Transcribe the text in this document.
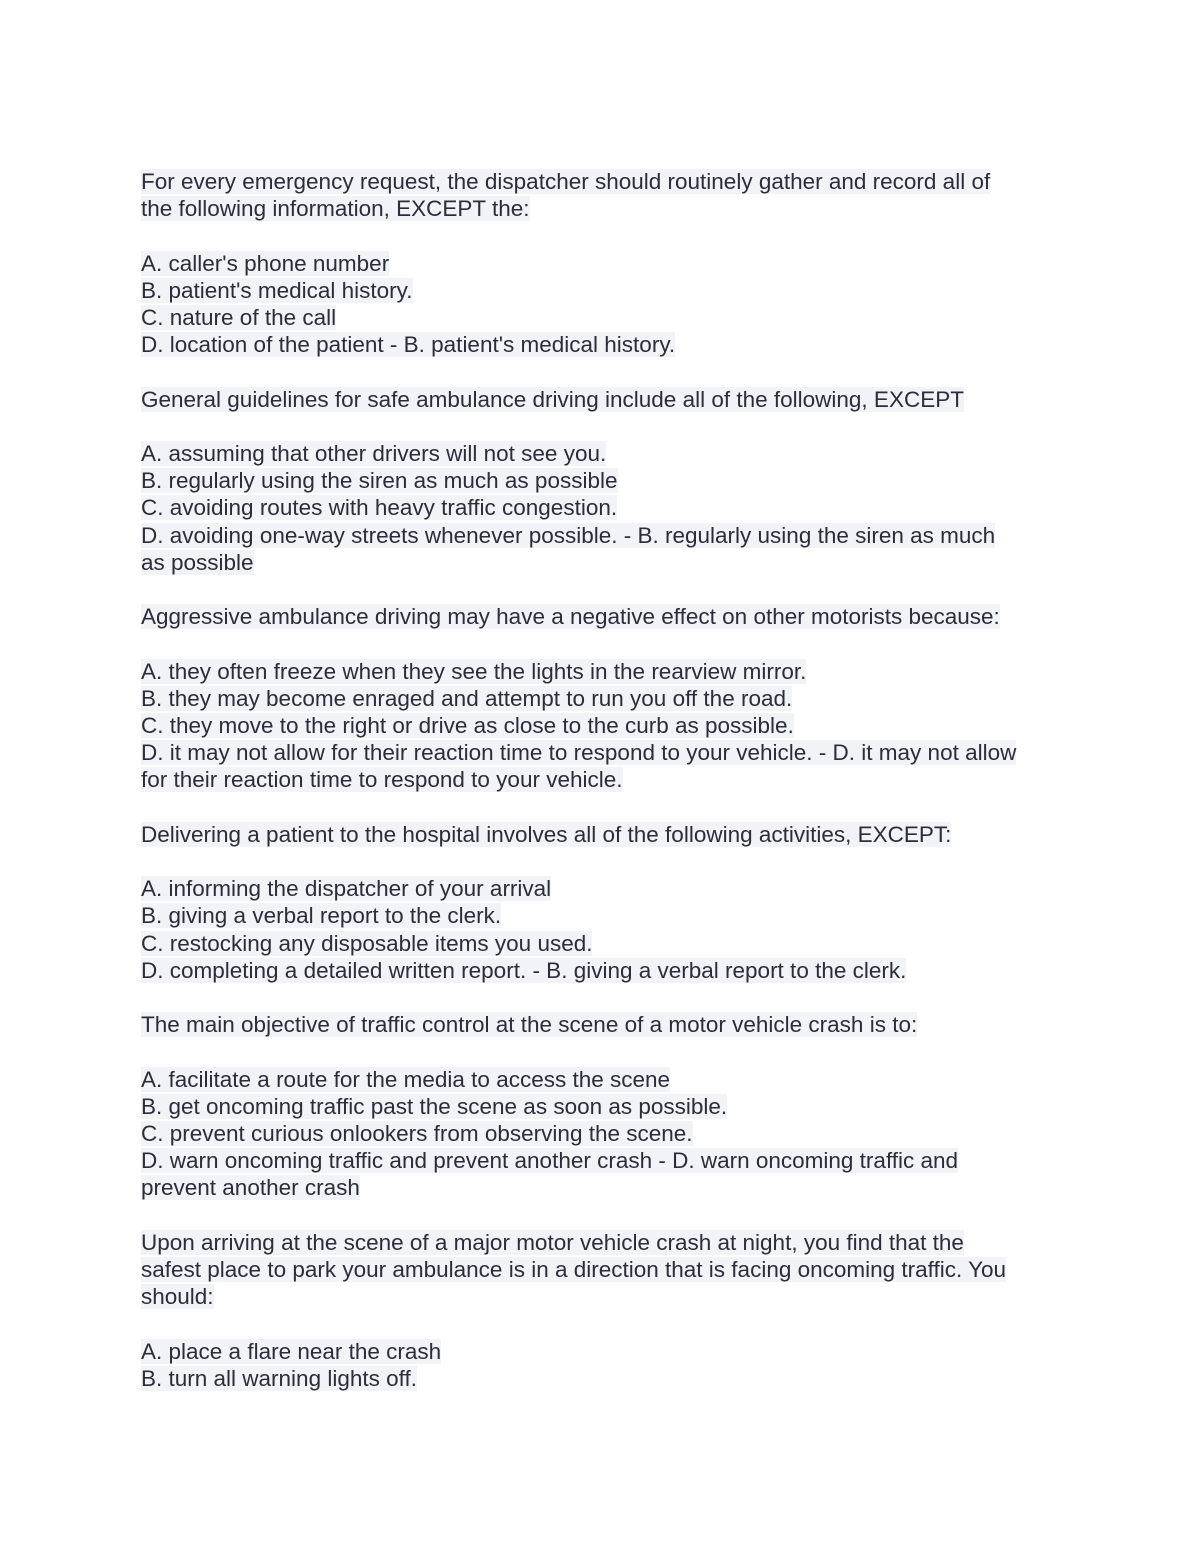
For every emergency request, the dispatcher should routinely gather and record all of
the following information, EXCEPT the:
A. caller's phone number
B. patient's medical history.
C. nature of the call
D. location of the patient - B. patient's medical history.
General guidelines for safe ambulance driving include all of the following, EXCEPT
A. assuming that other drivers will not see you.
B. regularly using the siren as much as possible
C. avoiding routes with heavy traffic congestion.
D. avoiding one-way streets whenever possible. - B. regularly using the siren as much
as possible
Aggressive ambulance driving may have a negative effect on other motorists because:
A. they often freeze when they see the lights in the rearview mirror.
B. they may become enraged and attempt to run you off the road.
C. they move to the right or drive as close to the curb as possible.
D. it may not allow for their reaction time to respond to your vehicle. - D. it may not allow
for their reaction time to respond to your vehicle.
Delivering a patient to the hospital involves all of the following activities, EXCEPT:
A. informing the dispatcher of your arrival
B. giving a verbal report to the clerk.
C. restocking any disposable items you used.
D. completing a detailed written report. - B. giving a verbal report to the clerk.
The main objective of traffic control at the scene of a motor vehicle crash is to:
A. facilitate a route for the media to access the scene
B. get oncoming traffic past the scene as soon as possible.
C. prevent curious onlookers from observing the scene.
D. warn oncoming traffic and prevent another crash - D. warn oncoming traffic and
prevent another crash
Upon arriving at the scene of a major motor vehicle crash at night, you find that the
safest place to park your ambulance is in a direction that is facing oncoming traffic. You
should:
A. place a flare near the crash
B. turn all warning lights off.
